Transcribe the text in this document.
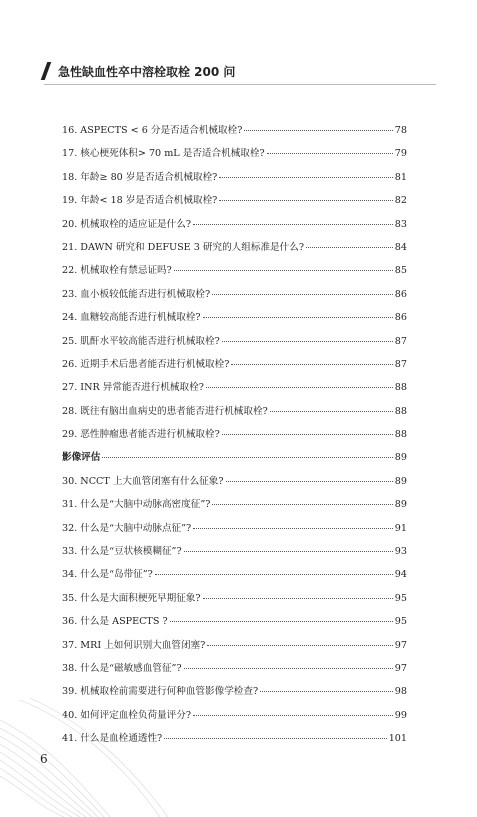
急性缺血性卒中溶栓取栓 200 问
16. ASPECTS < 6 分是否适合机械取栓?	78
17. 核心梗死体积> 70 mL 是否适合机械取栓?	79
18. 年龄≥ 80 岁是否适合机械取栓?	81
19. 年龄< 18 岁是否适合机械取栓?	82
20. 机械取栓的适应证是什么?	83
21. DAWN 研究和 DEFUSE 3 研究的人组标准是什么?	84
22. 机械取栓有禁忌证吗?	85
23. 血小板较低能否进行机械取栓?	86
24. 血糖较高能否进行机械取栓?	86
25. 肌酐水平较高能否进行机械取栓?	87
26. 近期手术后患者能否进行机械取栓?	87
27. INR 异常能否进行机械取栓?	88
28. 既往有脑出血病史的患者能否进行机械取栓?	88
29. 恶性肿瘤患者能否进行机械取栓?	88
影像评估	89
30. NCCT 上大血管闭塞有什么征象?	89
31. 什么是“大脑中动脉高密度征”?	89
32. 什么是“大脑中动脉点征”?	91
33. 什么是“豆状核模糊征”?	93
34. 什么是“岛带征”?	94
35. 什么是大面积梗死早期征象?	95
36. 什么是 ASPECTS ?	95
37. MRI 上如何识别大血管闭塞?	97
38. 什么是“磁敏感血管征”?	97
39. 机械取栓前需要进行何种血管影像学检查?	98
40. 如何评定血栓负荷量评分?	99
41. 什么是血栓通透性?	101
6
